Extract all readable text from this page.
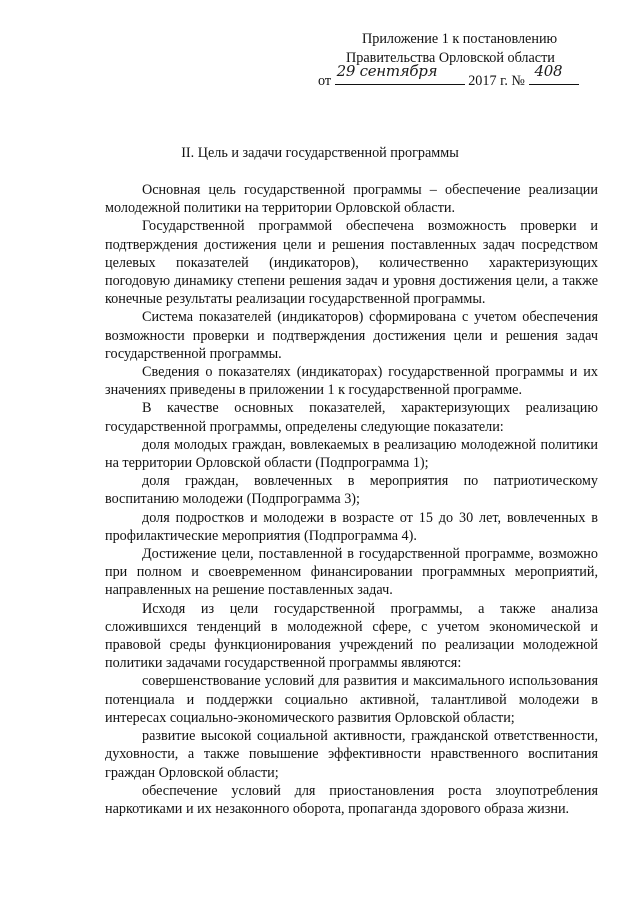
Приложение 1 к постановлению
Правительства Орловской области
от
29 сентября
2017 г. №
408
II. Цель и задачи государственной программы

Основная цель государственной программы – обеспечение реализации молодежной политики на территории Орловской области.

Государственной программой обеспечена возможность проверки и подтверждения достижения цели и решения поставленных задач посредством целевых показателей (индикаторов), количественно характеризующих погодовую динамику степени решения задач и уровня достижения цели, а также конечные результаты реализации государственной программы.

Система показателей (индикаторов) сформирована с учетом обеспечения возможности проверки и подтверждения достижения цели и решения задач государственной программы.

Сведения о показателях (индикаторах) государственной программы и их значениях приведены в приложении 1 к государственной программе.

В качестве основных показателей, характеризующих реализацию государственной программы, определены следующие показатели:

доля молодых граждан, вовлекаемых в реализацию молодежной политики на территории Орловской области (Подпрограмма 1);

доля граждан, вовлеченных в мероприятия по патриотическому воспитанию молодежи (Подпрограмма 3);

доля подростков и молодежи в возрасте от 15 до 30 лет, вовлеченных в профилактические мероприятия (Подпрограмма 4).

Достижение цели, поставленной в государственной программе, возможно при полном и своевременном финансировании программных мероприятий, направленных на решение поставленных задач.

Исходя из цели государственной программы, а также анализа сложившихся тенденций в молодежной сфере, с учетом экономической и правовой среды функционирования учреждений по реализации молодежной политики задачами государственной программы являются:

совершенствование условий для развития и максимального использования потенциала и поддержки социально активной, талантливой молодежи в интересах социально-экономического развития Орловской области;

развитие высокой социальной активности, гражданской ответственности, духовности, а также повышение эффективности нравственного воспитания граждан Орловской области;

обеспечение условий для приостановления роста злоупотребления наркотиками и их незаконного оборота, пропаганда здорового образа жизни.
